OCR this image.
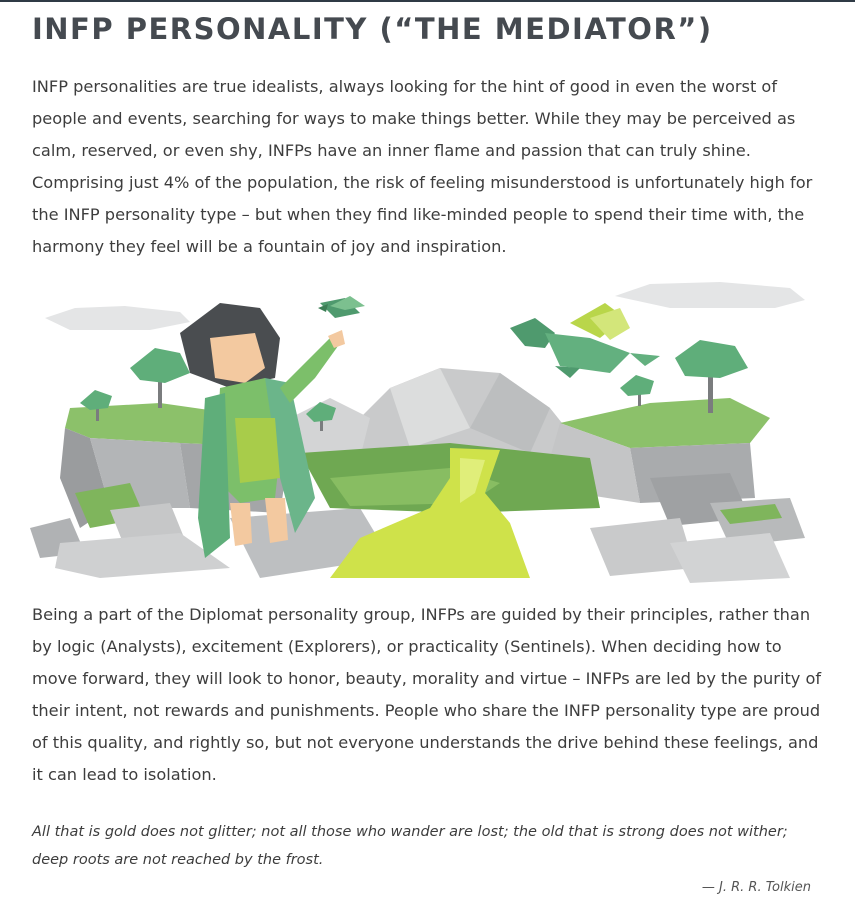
INFP PERSONALITY (“THE MEDIATOR”)

INFP personalities are true idealists, always looking for the hint of good in even the worst of people and events, searching for ways to make things better. While they may be perceived as calm, reserved, or even shy, INFPs have an inner flame and passion that can truly shine. Comprising just 4% of the population, the risk of feeling misunderstood is unfortunately high for the INFP personality type – but when they find like-minded people to spend their time with, the harmony they feel will be a fountain of joy and inspiration.

Being a part of the Diplomat personality group, INFPs are guided by their principles, rather than by logic (Analysts), excitement (Explorers), or practicality (Sentinels). When deciding how to move forward, they will look to honor, beauty, morality and virtue – INFPs are led by the purity of their intent, not rewards and punishments. People who share the INFP personality type are proud of this quality, and rightly so, but not everyone understands the drive behind these feelings, and it can lead to isolation.

All that is gold does not glitter; not all those who wander are lost; the old that is strong does not wither; deep roots are not reached by the frost.

— J. R. R. Tolkien
